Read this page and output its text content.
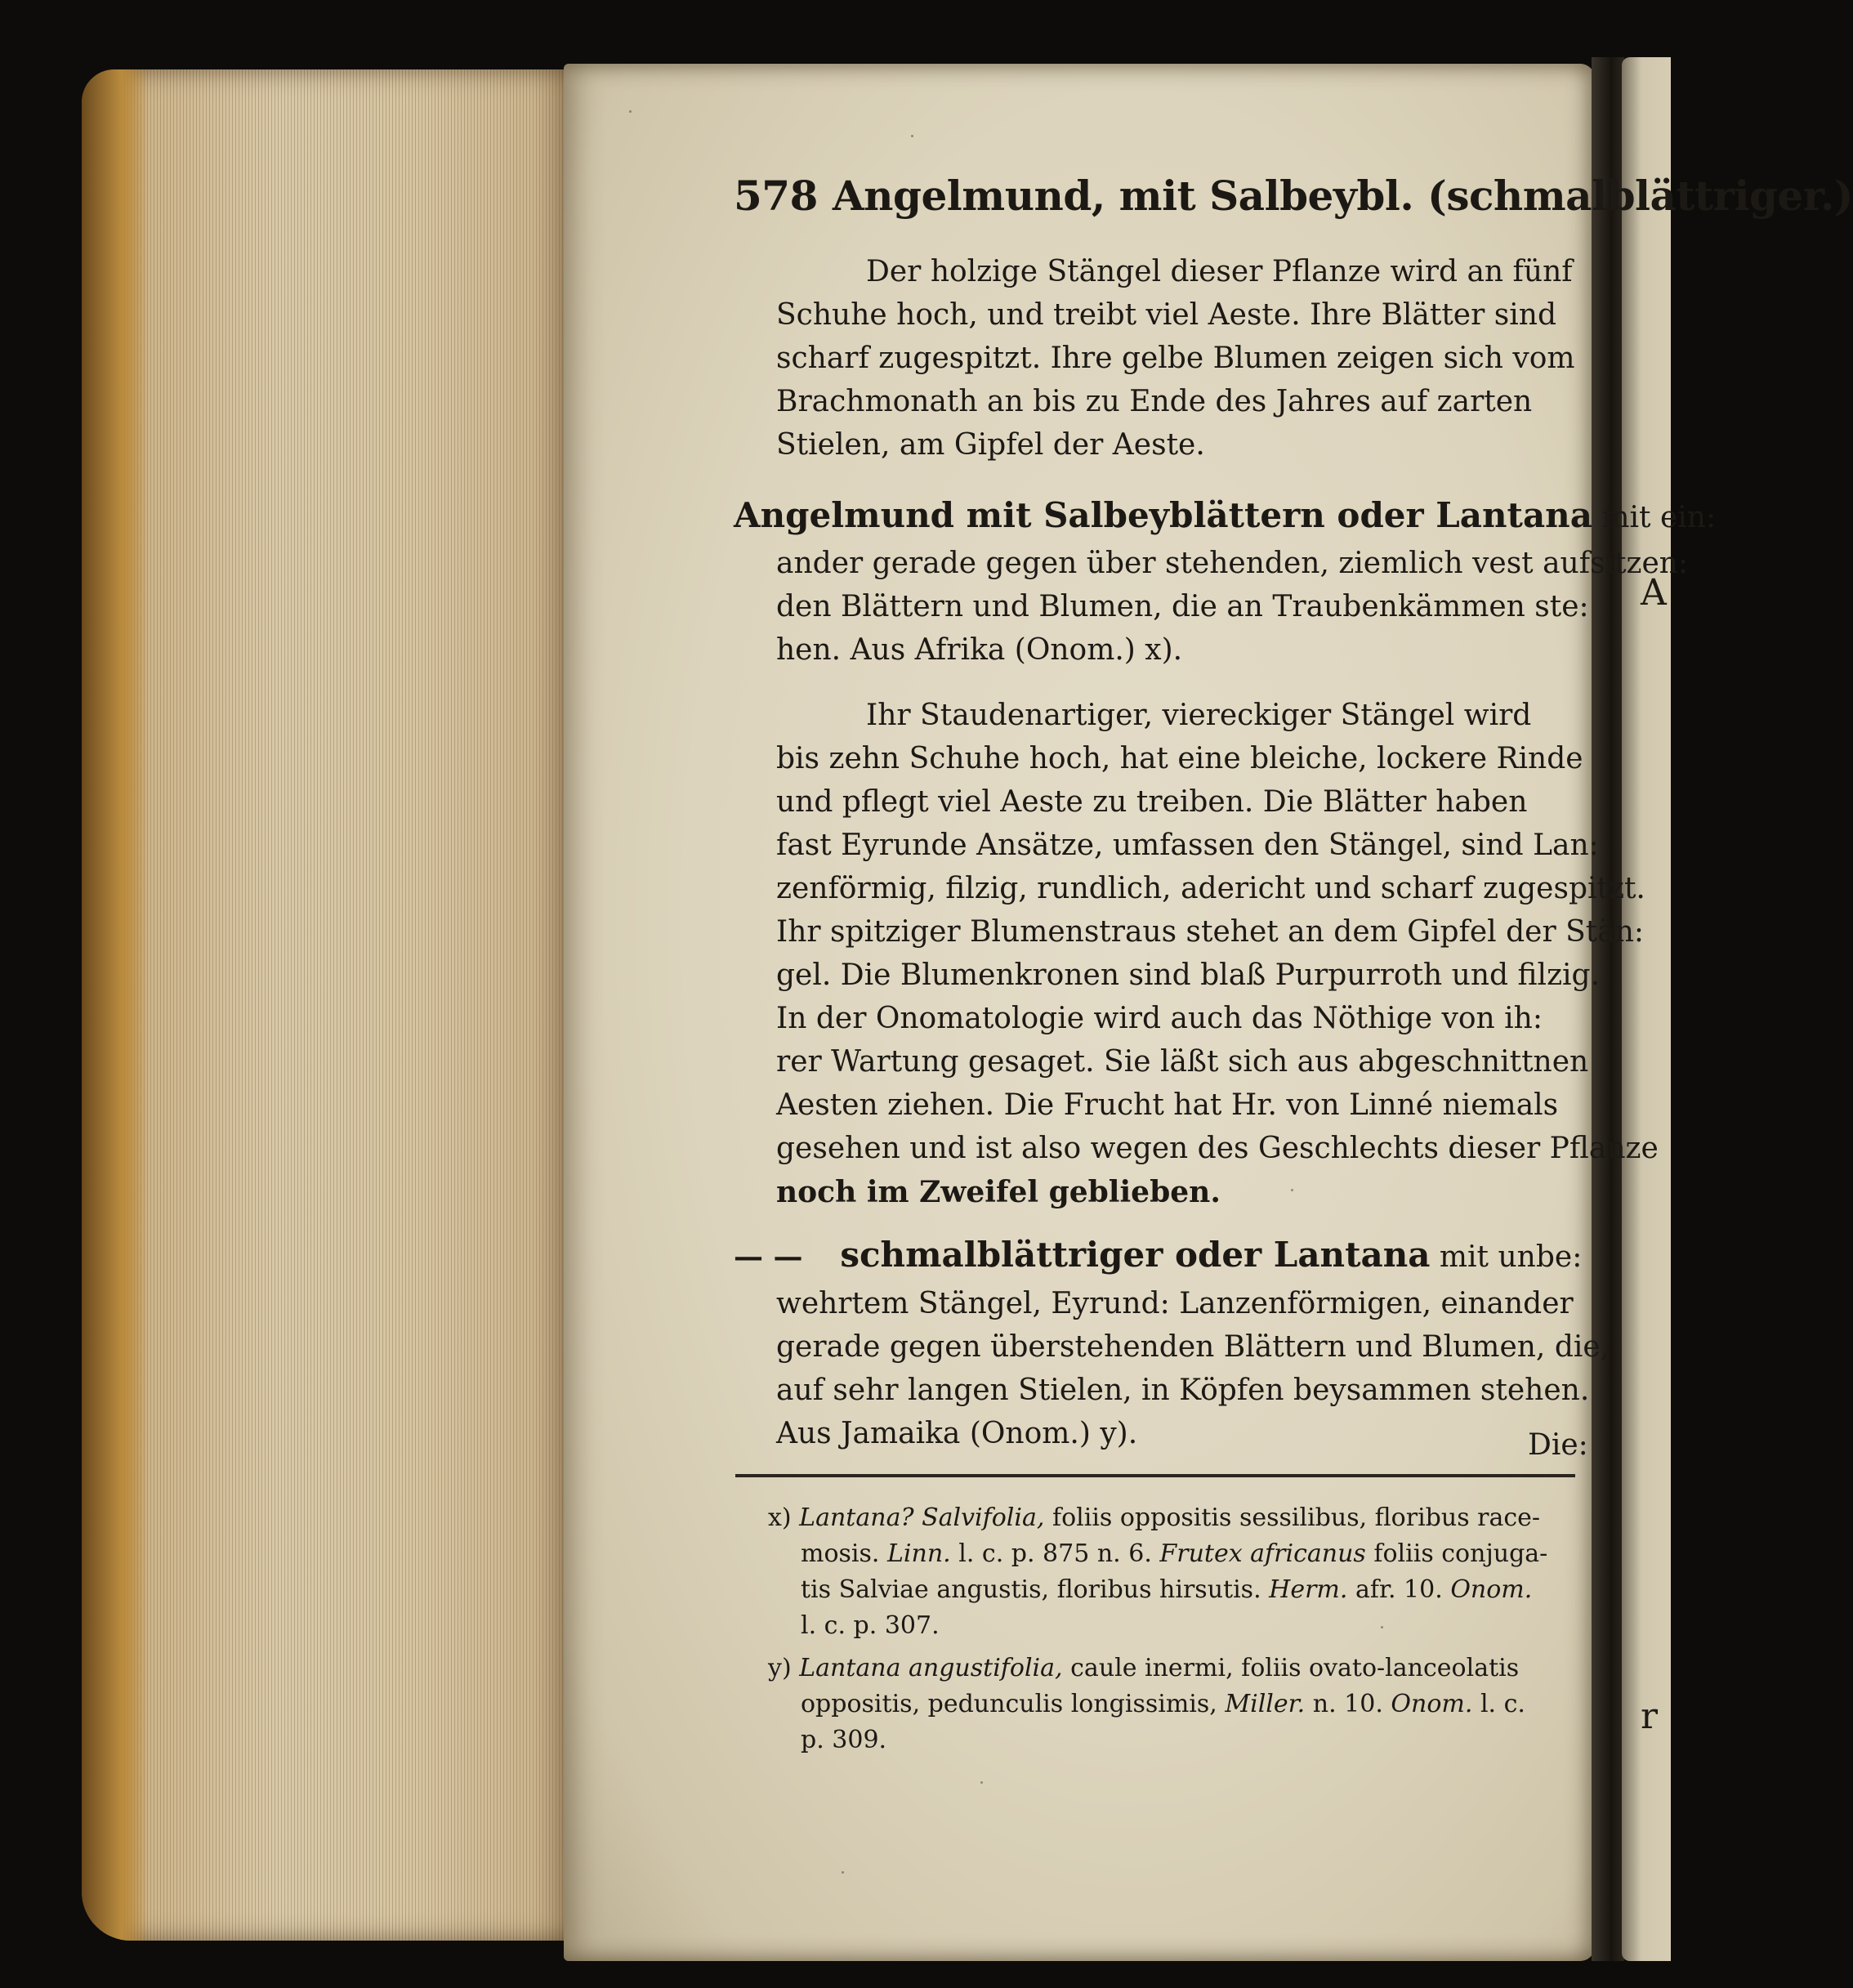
A
r
578 Angelmund, mit Salbeybl. (schmalblättriger.)
Der holzige Stängel dieser Pflanze wird an fünf
Schuhe hoch, und treibt viel Aeste. Ihre Blätter sind
scharf zugespitzt. Ihre gelbe Blumen zeigen sich vom
Brachmonath an bis zu Ende des Jahres auf zarten
Stielen, am Gipfel der Aeste.
Angelmund mit Salbeyblättern oder Lantana mit ein:
ander gerade gegen über stehenden, ziemlich vest aufsitzen:
den Blättern und Blumen, die an Traubenkämmen ste:
hen. Aus Afrika (Onom.) x).
Ihr Staudenartiger, viereckiger Stängel wird
bis zehn Schuhe hoch, hat eine bleiche, lockere Rinde
und pflegt viel Aeste zu treiben. Die Blätter haben
fast Eyrunde Ansätze, umfassen den Stängel, sind Lan:
zenförmig, filzig, rundlich, adericht und scharf zugespitzt.
Ihr spitziger Blumenstraus stehet an dem Gipfel der Stän:
gel. Die Blumenkronen sind blaß Purpurroth und filzig.
In der Onomatologie wird auch das Nöthige von ih:
rer Wartung gesaget. Sie läßt sich aus abgeschnittnen
Aesten ziehen. Die Frucht hat Hr. von Linné niemals
gesehen und ist also wegen des Geschlechts dieser Pflanze
noch im Zweifel geblieben.
— — schmalblättriger oder Lantana mit unbe:
wehrtem Stängel, Eyrund: Lanzenförmigen, einander
gerade gegen überstehenden Blättern und Blumen, die,
auf sehr langen Stielen, in Köpfen beysammen stehen.
Aus Jamaika (Onom.) y).	Die:
x) Lantana? Salvifolia, foliis oppositis sessilibus, floribus race-
mosis. Linn. l. c. p. 875 n. 6. Frutex africanus foliis conjuga-
tis Salviae angustis, floribus hirsutis. Herm. afr. 10. Onom.
l. c. p. 307.
y) Lantana angustifolia, caule inermi, foliis ovato-lanceolatis
oppositis, pedunculis longissimis, Miller. n. 10. Onom. l. c.
p. 309.
